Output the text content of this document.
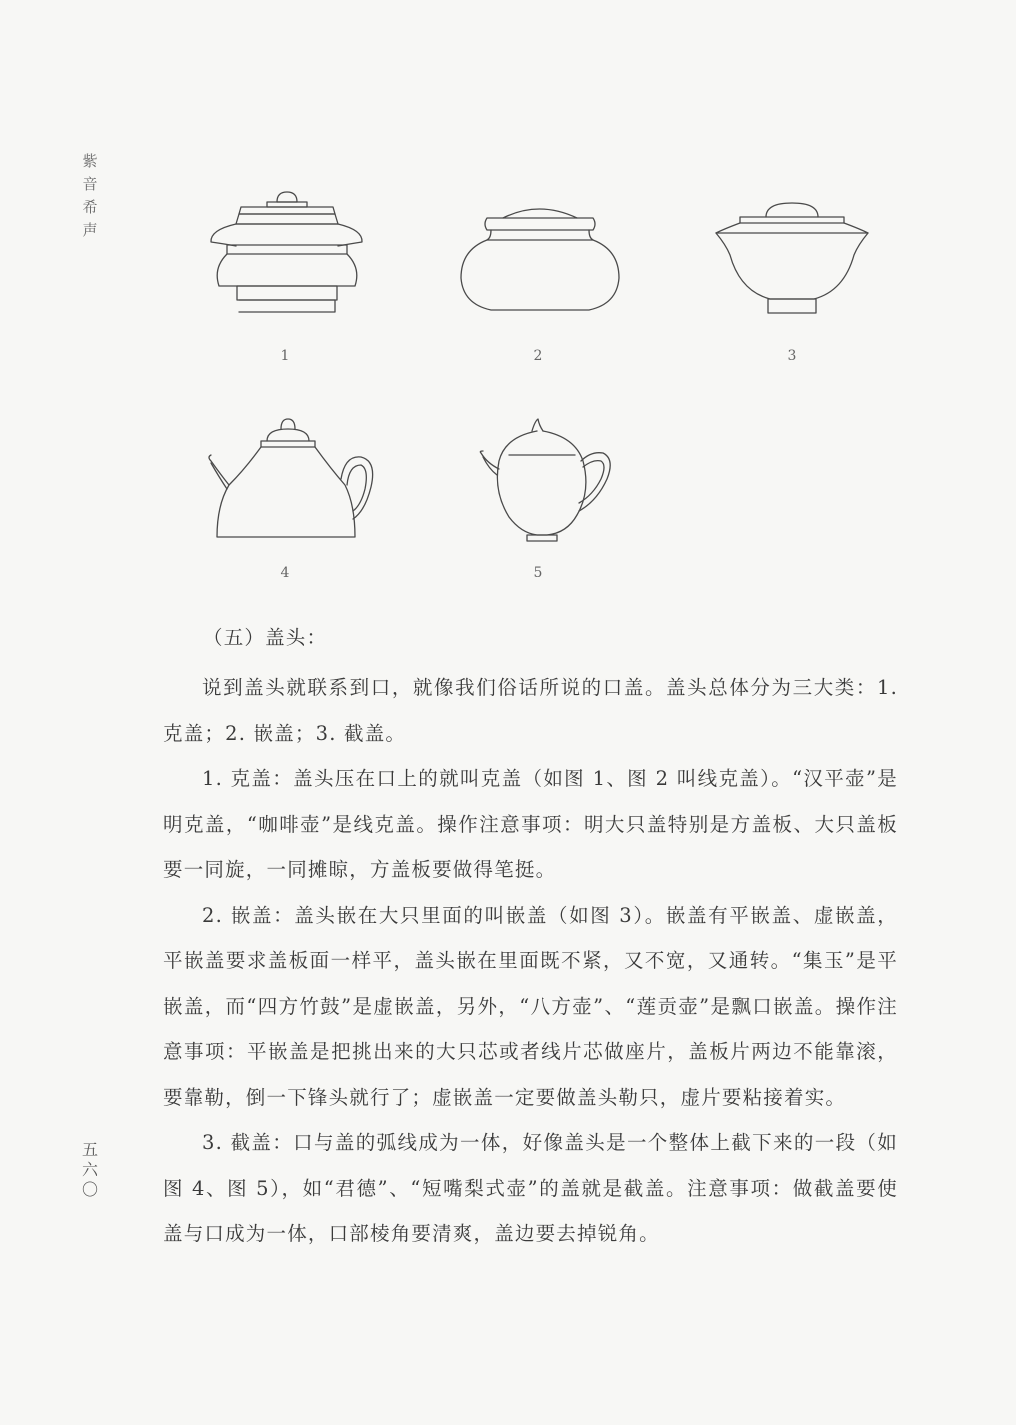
紫
音
希
声
1	2	3
4	5
（五）盖头：

说到盖头就联系到口，就像我们俗话所说的口盖。盖头总体分为三大类：1. 克盖；2. 嵌盖；3. 截盖。

1. 克盖：盖头压在口上的就叫克盖（如图 1、图 2 叫线克盖）。“汉平壶”是明克盖，“咖啡壶”是线克盖。操作注意事项：明大只盖特别是方盖板、大只盖板要一同旋，一同摊晾，方盖板要做得笔挺。

2. 嵌盖：盖头嵌在大只里面的叫嵌盖（如图 3）。嵌盖有平嵌盖、虚嵌盖，平嵌盖要求盖板面一样平，盖头嵌在里面既不紧，又不宽，又通转。“集玉”是平嵌盖，而“四方竹鼓”是虚嵌盖，另外，“八方壶”、“莲贡壶”是飘口嵌盖。操作注意事项：平嵌盖是把挑出来的大只芯或者线片芯做座片，盖板片两边不能靠滚，要靠勒，倒一下锋头就行了；虚嵌盖一定要做盖头勒只，虚片要粘接着实。

3. 截盖：口与盖的弧线成为一体，好像盖头是一个整体上截下来的一段（如图 4、图 5），如“君德”、“短嘴梨式壶”的盖就是截盖。注意事项：做截盖要使盖与口成为一体，口部棱角要清爽，盖边要去掉锐角。

五
六
〇
